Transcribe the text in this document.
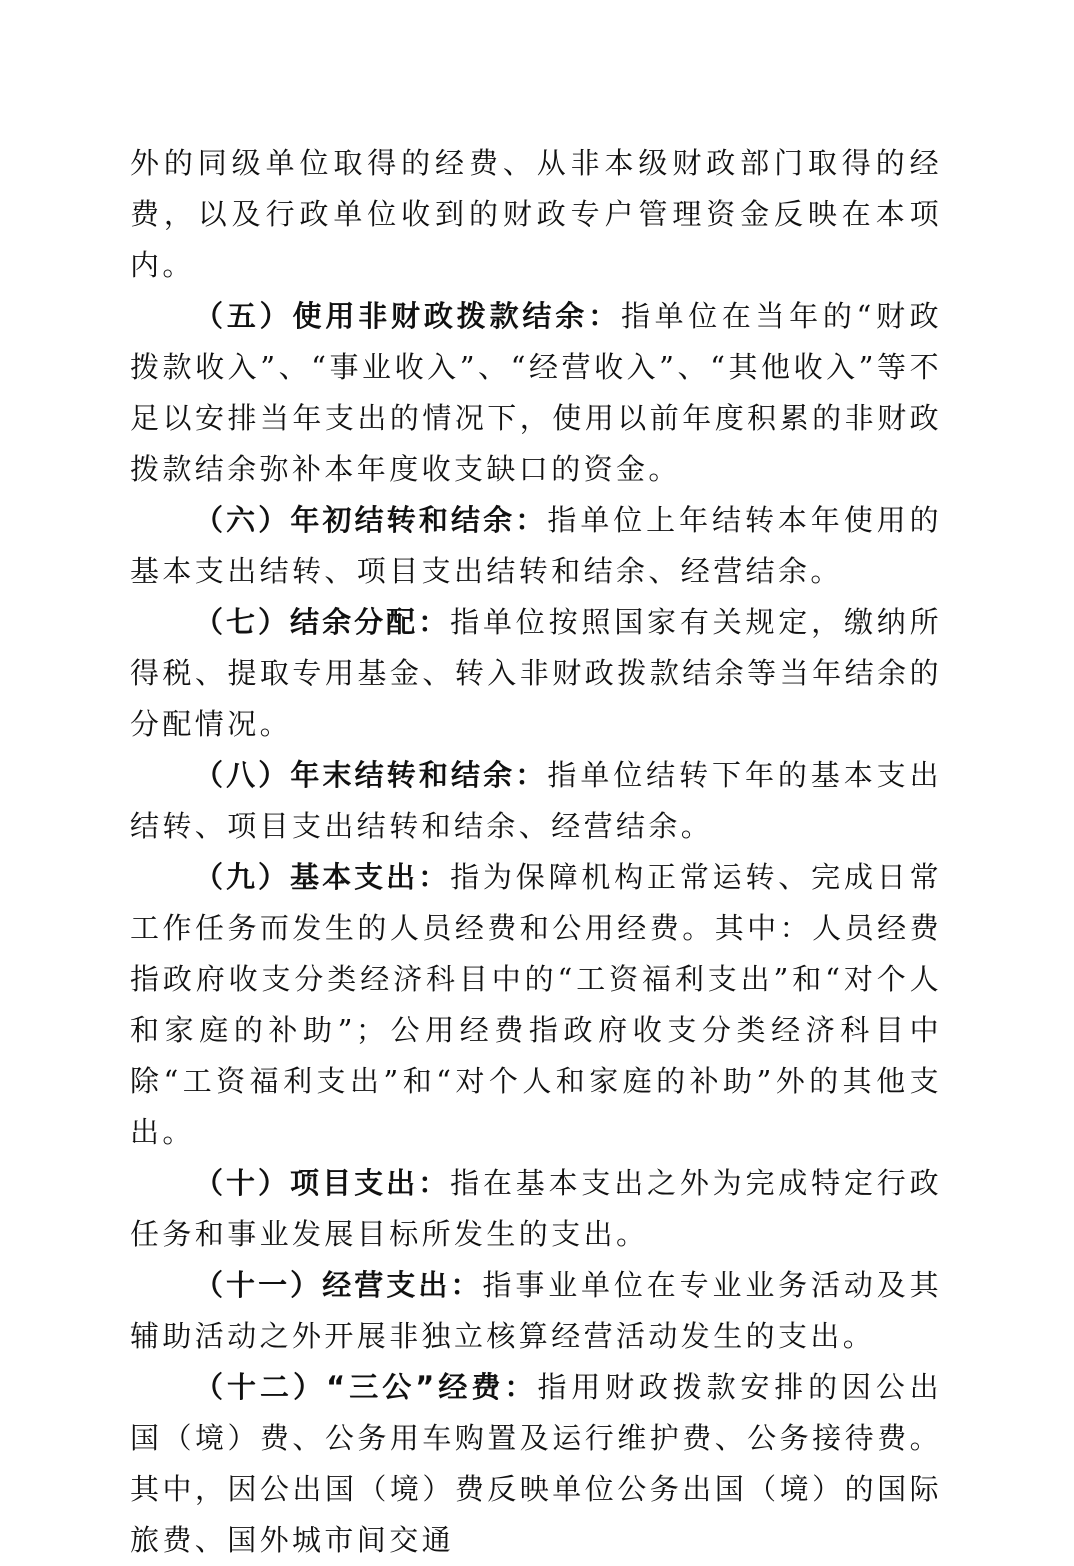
外的同级单位取得的经费、从非本级财政部门取得的经费，以及行政单位收到的财政专户管理资金反映在本项内。

（五）使用非财政拨款结余：指单位在当年的“财政拨款收入”、“事业收入”、“经营收入”、“其他收入”等不足以安排当年支出的情况下，使用以前年度积累的非财政拨款结余弥补本年度收支缺口的资金。

（六）年初结转和结余：指单位上年结转本年使用的基本支出结转、项目支出结转和结余、经营结余。

（七）结余分配：指单位按照国家有关规定，缴纳所得税、提取专用基金、转入非财政拨款结余等当年结余的分配情况。

（八）年末结转和结余：指单位结转下年的基本支出结转、项目支出结转和结余、经营结余。

（九）基本支出：指为保障机构正常运转、完成日常工作任务而发生的人员经费和公用经费。其中：人员经费指政府收支分类经济科目中的“工资福利支出”和“对个人和家庭的补助”；公用经费指政府收支分类经济科目中除“工资福利支出”和“对个人和家庭的补助”外的其他支出。

（十）项目支出：指在基本支出之外为完成特定行政任务和事业发展目标所发生的支出。

（十一）经营支出：指事业单位在专业业务活动及其辅助活动之外开展非独立核算经营活动发生的支出。

（十二）“三公”经费：指用财政拨款安排的因公出国（境）费、公务用车购置及运行维护费、公务接待费。其中，因公出国（境）费反映单位公务出国（境）的国际旅费、国外城市间交通
